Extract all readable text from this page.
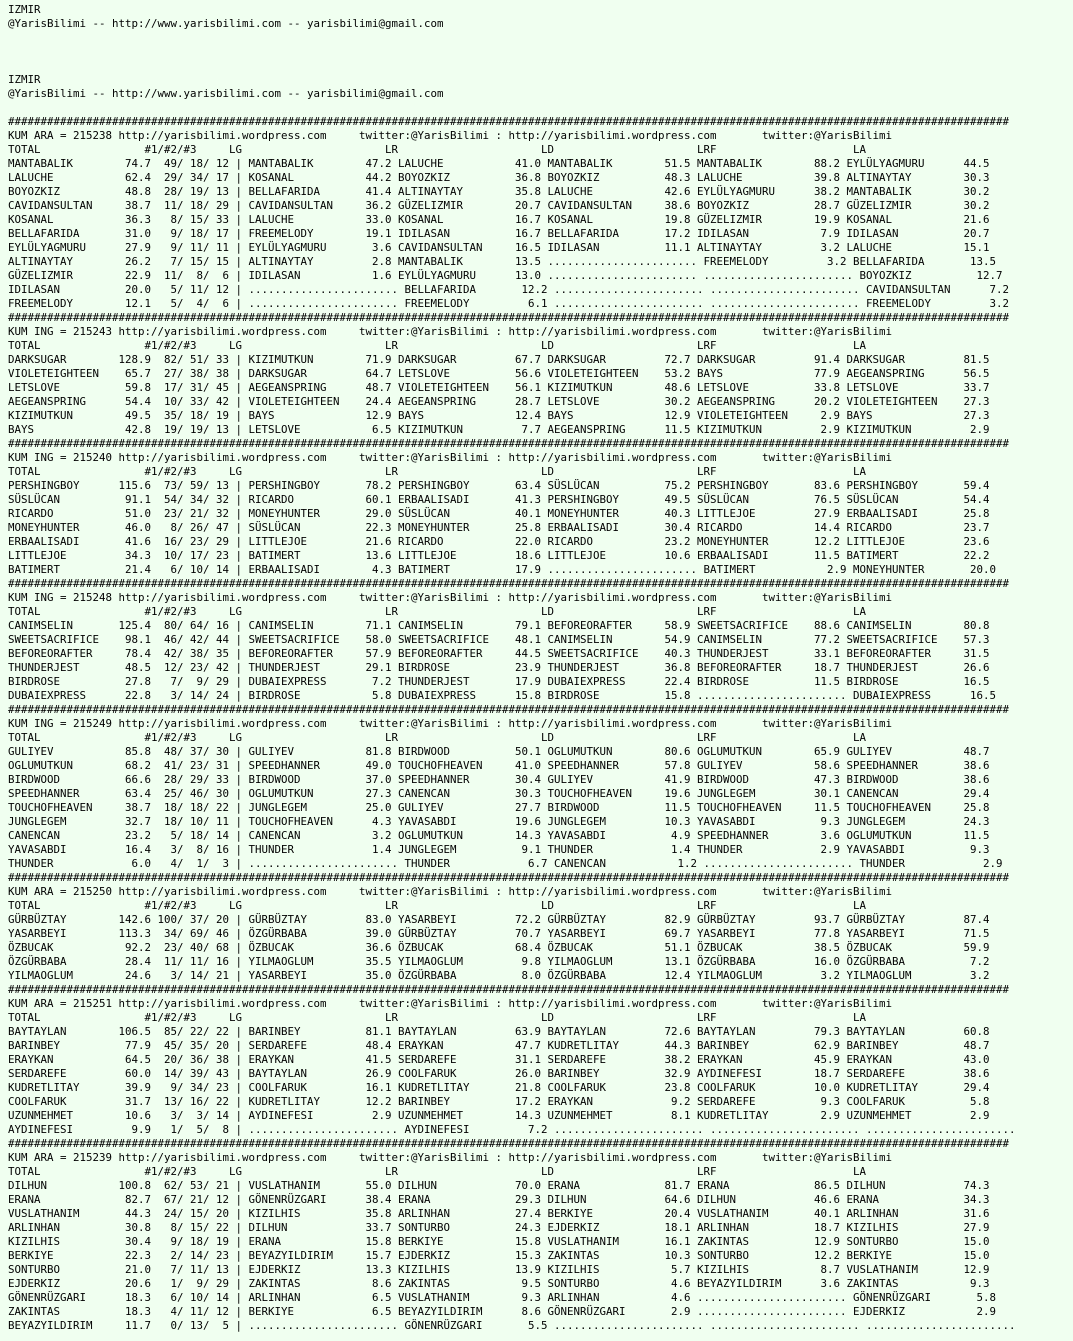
IZMIR
@YarisBilimi -- http://www.yarisbilimi.com -- yarisbilimi@gmail.com

IZMIR
@YarisBilimi -- http://www.yarisbilimi.com -- yarisbilimi@gmail.com

##########################################################################################################################################################
KUM ARA = 215238 http://yarisbilimi.wordpress.com     twitter:@YarisBilimi : http://yarisbilimi.wordpress.com       twitter:@YarisBilimi
TOTAL                #1/#2/#3     LG                      LR                      LD                      LRF                     LA
MANTABALIK        74.7  49/ 18/ 12 | MANTABALIK        47.2 LALUCHE           41.0 MANTABALIK        51.5 MANTABALIK        88.2 EYLÜLYAGMURU      44.5
LALUCHE           62.4  29/ 34/ 17 | KOSANAL           44.2 BOYOZKIZ          36.8 BOYOZKIZ          48.3 LALUCHE           39.8 ALTINAYTAY        30.3
BOYOZKIZ          48.8  28/ 19/ 13 | BELLAFARIDA       41.4 ALTINAYTAY        35.8 LALUCHE           42.6 EYLÜLYAGMURU      38.2 MANTABALIK        30.2
CAVIDANSULTAN     38.7  11/ 18/ 29 | CAVIDANSULTAN     36.2 GÜZELIZMIR        20.7 CAVIDANSULTAN     38.6 BOYOZKIZ          28.7 GÜZELIZMIR        30.2
KOSANAL           36.3   8/ 15/ 33 | LALUCHE           33.0 KOSANAL           16.7 KOSANAL           19.8 GÜZELIZMIR        19.9 KOSANAL           21.6
BELLAFARIDA       31.0   9/ 18/ 17 | FREEMELODY        19.1 IDILASAN          16.7 BELLAFARIDA       17.2 IDILASAN           7.9 IDILASAN          20.7
EYLÜLYAGMURU      27.9   9/ 11/ 11 | EYLÜLYAGMURU       3.6 CAVIDANSULTAN     16.5 IDILASAN          11.1 ALTINAYTAY         3.2 LALUCHE           15.1
ALTINAYTAY        26.2   7/ 15/ 15 | ALTINAYTAY         2.8 MANTABALIK        13.5 ....................... FREEMELODY         3.2 BELLAFARIDA       13.5
GÜZELIZMIR        22.9  11/  8/  6 | IDILASAN           1.6 EYLÜLYAGMURU      13.0 ....................... ....................... BOYOZKIZ          12.7
IDILASAN          20.0   5/ 11/ 12 | ....................... BELLAFARIDA       12.2 ....................... ....................... CAVIDANSULTAN      7.2
FREEMELODY        12.1   5/  4/  6 | ....................... FREEMELODY         6.1 ....................... ....................... FREEMELODY         3.2
##########################################################################################################################################################
KUM ING = 215243 http://yarisbilimi.wordpress.com     twitter:@YarisBilimi : http://yarisbilimi.wordpress.com       twitter:@YarisBilimi
TOTAL                #1/#2/#3     LG                      LR                      LD                      LRF                     LA
DARKSUGAR        128.9  82/ 51/ 33 | KIZIMUTKUN        71.9 DARKSUGAR         67.7 DARKSUGAR         72.7 DARKSUGAR         91.4 DARKSUGAR         81.5
VIOLETEIGHTEEN    65.7  27/ 38/ 38 | DARKSUGAR         64.7 LETSLOVE          56.6 VIOLETEIGHTEEN    53.2 BAYS              77.9 AEGEANSPRING      56.5
LETSLOVE          59.8  17/ 31/ 45 | AEGEANSPRING      48.7 VIOLETEIGHTEEN    56.1 KIZIMUTKUN        48.6 LETSLOVE          33.8 LETSLOVE          33.7
AEGEANSPRING      54.4  10/ 33/ 42 | VIOLETEIGHTEEN    24.4 AEGEANSPRING      28.7 LETSLOVE          30.2 AEGEANSPRING      20.2 VIOLETEIGHTEEN    27.3
KIZIMUTKUN        49.5  35/ 18/ 19 | BAYS              12.9 BAYS              12.4 BAYS              12.9 VIOLETEIGHTEEN     2.9 BAYS              27.3
BAYS              42.8  19/ 19/ 13 | LETSLOVE           6.5 KIZIMUTKUN         7.7 AEGEANSPRING      11.5 KIZIMUTKUN         2.9 KIZIMUTKUN         2.9
##########################################################################################################################################################
KUM ING = 215240 http://yarisbilimi.wordpress.com     twitter:@YarisBilimi : http://yarisbilimi.wordpress.com       twitter:@YarisBilimi
TOTAL                #1/#2/#3     LG                      LR                      LD                      LRF                     LA
PERSHINGBOY      115.6  73/ 59/ 13 | PERSHINGBOY       78.2 PERSHINGBOY       63.4 SÜSLÜCAN          75.2 PERSHINGBOY       83.6 PERSHINGBOY       59.4
SÜSLÜCAN          91.1  54/ 34/ 32 | RICARDO           60.1 ERBAALISADI       41.3 PERSHINGBOY       49.5 SÜSLÜCAN          76.5 SÜSLÜCAN          54.4
RICARDO           51.0  23/ 21/ 32 | MONEYHUNTER       29.0 SÜSLÜCAN          40.1 MONEYHUNTER       40.3 LITTLEJOE         27.9 ERBAALISADI       25.8
MONEYHUNTER       46.0   8/ 26/ 47 | SÜSLÜCAN          22.3 MONEYHUNTER       25.8 ERBAALISADI       30.4 RICARDO           14.4 RICARDO           23.7
ERBAALISADI       41.6  16/ 23/ 29 | LITTLEJOE         21.6 RICARDO           22.0 RICARDO           23.2 MONEYHUNTER       12.2 LITTLEJOE         23.6
LITTLEJOE         34.3  10/ 17/ 23 | BATIMERT          13.6 LITTLEJOE         18.6 LITTLEJOE         10.6 ERBAALISADI       11.5 BATIMERT          22.2
BATIMERT          21.4   6/ 10/ 14 | ERBAALISADI        4.3 BATIMERT          17.9 ....................... BATIMERT           2.9 MONEYHUNTER       20.0
##########################################################################################################################################################
KUM ING = 215248 http://yarisbilimi.wordpress.com     twitter:@YarisBilimi : http://yarisbilimi.wordpress.com       twitter:@YarisBilimi
TOTAL                #1/#2/#3     LG                      LR                      LD                      LRF                     LA
CANIMSELIN       125.4  80/ 64/ 16 | CANIMSELIN        71.1 CANIMSELIN        79.1 BEFOREORAFTER     58.9 SWEETSACRIFICE    88.6 CANIMSELIN        80.8
SWEETSACRIFICE    98.1  46/ 42/ 44 | SWEETSACRIFICE    58.0 SWEETSACRIFICE    48.1 CANIMSELIN        54.9 CANIMSELIN        77.2 SWEETSACRIFICE    57.3
BEFOREORAFTER     78.4  42/ 38/ 35 | BEFOREORAFTER     57.9 BEFOREORAFTER     44.5 SWEETSACRIFICE    40.3 THUNDERJEST       33.1 BEFOREORAFTER     31.5
THUNDERJEST       48.5  12/ 23/ 42 | THUNDERJEST       29.1 BIRDROSE          23.9 THUNDERJEST       36.8 BEFOREORAFTER     18.7 THUNDERJEST       26.6
BIRDROSE          27.8   7/  9/ 29 | DUBAIEXPRESS       7.2 THUNDERJEST       17.9 DUBAIEXPRESS      22.4 BIRDROSE          11.5 BIRDROSE          16.5
DUBAIEXPRESS      22.8   3/ 14/ 24 | BIRDROSE           5.8 DUBAIEXPRESS      15.8 BIRDROSE          15.8 ....................... DUBAIEXPRESS      16.5
##########################################################################################################################################################
KUM ING = 215249 http://yarisbilimi.wordpress.com     twitter:@YarisBilimi : http://yarisbilimi.wordpress.com       twitter:@YarisBilimi
TOTAL                #1/#2/#3     LG                      LR                      LD                      LRF                     LA
GULIYEV           85.8  48/ 37/ 30 | GULIYEV           81.8 BIRDWOOD          50.1 OGLUMUTKUN        80.6 OGLUMUTKUN        65.9 GULIYEV           48.7
OGLUMUTKUN        68.2  41/ 23/ 31 | SPEEDHANNER       49.0 TOUCHOFHEAVEN     41.0 SPEEDHANNER       57.8 GULIYEV           58.6 SPEEDHANNER       38.6
BIRDWOOD          66.6  28/ 29/ 33 | BIRDWOOD          37.0 SPEEDHANNER       30.4 GULIYEV           41.9 BIRDWOOD          47.3 BIRDWOOD          38.6
SPEEDHANNER       63.4  25/ 46/ 30 | OGLUMUTKUN        27.3 CANENCAN          30.3 TOUCHOFHEAVEN     19.6 JUNGLEGEM         30.1 CANENCAN          29.4
TOUCHOFHEAVEN     38.7  18/ 18/ 22 | JUNGLEGEM         25.0 GULIYEV           27.7 BIRDWOOD          11.5 TOUCHOFHEAVEN     11.5 TOUCHOFHEAVEN     25.8
JUNGLEGEM         32.7  18/ 10/ 11 | TOUCHOFHEAVEN      4.3 YAVASABDI         19.6 JUNGLEGEM         10.3 YAVASABDI          9.3 JUNGLEGEM         24.3
CANENCAN          23.2   5/ 18/ 14 | CANENCAN           3.2 OGLUMUTKUN        14.3 YAVASABDI          4.9 SPEEDHANNER        3.6 OGLUMUTKUN        11.5
YAVASABDI         16.4   3/  8/ 16 | THUNDER            1.4 JUNGLEGEM          9.1 THUNDER            1.4 THUNDER            2.9 YAVASABDI          9.3
THUNDER            6.0   4/  1/  3 | ....................... THUNDER            6.7 CANENCAN           1.2 ....................... THUNDER            2.9
##########################################################################################################################################################
KUM ARA = 215250 http://yarisbilimi.wordpress.com     twitter:@YarisBilimi : http://yarisbilimi.wordpress.com       twitter:@YarisBilimi
TOTAL                #1/#2/#3     LG                      LR                      LD                      LRF                     LA
GÜRBÜZTAY        142.6 100/ 37/ 20 | GÜRBÜZTAY         83.0 YASARBEYI         72.2 GÜRBÜZTAY         82.9 GÜRBÜZTAY         93.7 GÜRBÜZTAY         87.4
YASARBEYI        113.3  34/ 69/ 46 | ÖZGÜRBABA         39.0 GÜRBÜZTAY         70.7 YASARBEYI         69.7 YASARBEYI         77.8 YASARBEYI         71.5
ÖZBUCAK           92.2  23/ 40/ 68 | ÖZBUCAK           36.6 ÖZBUCAK           68.4 ÖZBUCAK           51.1 ÖZBUCAK           38.5 ÖZBUCAK           59.9
ÖZGÜRBABA         28.4  11/ 11/ 16 | YILMAOGLUM        35.5 YILMAOGLUM         9.8 YILMAOGLUM        13.1 ÖZGÜRBABA         16.0 ÖZGÜRBABA          7.2
YILMAOGLUM        24.6   3/ 14/ 21 | YASARBEYI         35.0 ÖZGÜRBABA          8.0 ÖZGÜRBABA         12.4 YILMAOGLUM         3.2 YILMAOGLUM         3.2
##########################################################################################################################################################
KUM ARA = 215251 http://yarisbilimi.wordpress.com     twitter:@YarisBilimi : http://yarisbilimi.wordpress.com       twitter:@YarisBilimi
TOTAL                #1/#2/#3     LG                      LR                      LD                      LRF                     LA
BAYTAYLAN        106.5  85/ 22/ 22 | BARINBEY          81.1 BAYTAYLAN         63.9 BAYTAYLAN         72.6 BAYTAYLAN         79.3 BAYTAYLAN         60.8
BARINBEY          77.9  45/ 35/ 20 | SERDAREFE         48.4 ERAYKAN           47.7 KUDRETLITAY       44.3 BARINBEY          62.9 BARINBEY          48.7
ERAYKAN           64.5  20/ 36/ 38 | ERAYKAN           41.5 SERDAREFE         31.1 SERDAREFE         38.2 ERAYKAN           45.9 ERAYKAN           43.0
SERDAREFE         60.0  14/ 39/ 43 | BAYTAYLAN         26.9 COOLFARUK         26.0 BARINBEY          32.9 AYDINEFESI        18.7 SERDAREFE         38.6
KUDRETLITAY       39.9   9/ 34/ 23 | COOLFARUK         16.1 KUDRETLITAY       21.8 COOLFARUK         23.8 COOLFARUK         10.0 KUDRETLITAY       29.4
COOLFARUK         31.7  13/ 16/ 22 | KUDRETLITAY       12.2 BARINBEY          17.2 ERAYKAN            9.2 SERDAREFE          9.3 COOLFARUK          5.8
UZUNMEHMET        10.6   3/  3/ 14 | AYDINEFESI         2.9 UZUNMEHMET        14.3 UZUNMEHMET         8.1 KUDRETLITAY        2.9 UZUNMEHMET         2.9
AYDINEFESI         9.9   1/  5/  8 | ....................... AYDINEFESI         7.2 ....................... ....................... .......................
##########################################################################################################################################################
KUM ARA = 215239 http://yarisbilimi.wordpress.com     twitter:@YarisBilimi : http://yarisbilimi.wordpress.com       twitter:@YarisBilimi
TOTAL                #1/#2/#3     LG                      LR                      LD                      LRF                     LA
DILHUN           100.8  62/ 53/ 21 | VUSLATHANIM       55.0 DILHUN            70.0 ERANA             81.7 ERANA             86.5 DILHUN            74.3
ERANA             82.7  67/ 21/ 12 | GÖNENRÜZGARI      38.4 ERANA             29.3 DILHUN            64.6 DILHUN            46.6 ERANA             34.3
VUSLATHANIM       44.3  24/ 15/ 20 | KIZILHIS          35.8 ARLINHAN          27.4 BERKIYE           20.4 VUSLATHANIM       40.1 ARLINHAN          31.6
ARLINHAN          30.8   8/ 15/ 22 | DILHUN            33.7 SONTURBO          24.3 EJDERKIZ          18.1 ARLINHAN          18.7 KIZILHIS          27.9
KIZILHIS          30.4   9/ 18/ 19 | ERANA             15.8 BERKIYE           15.8 VUSLATHANIM       16.1 ZAKINTAS          12.9 SONTURBO          15.0
BERKIYE           22.3   2/ 14/ 23 | BEYAZYILDIRIM     15.7 EJDERKIZ          15.3 ZAKINTAS          10.3 SONTURBO          12.2 BERKIYE           15.0
SONTURBO          21.0   7/ 11/ 13 | EJDERKIZ          13.3 KIZILHIS          13.9 KIZILHIS           5.7 KIZILHIS           8.7 VUSLATHANIM       12.9
EJDERKIZ          20.6   1/  9/ 29 | ZAKINTAS           8.6 ZAKINTAS           9.5 SONTURBO           4.6 BEYAZYILDIRIM      3.6 ZAKINTAS           9.3
GÖNENRÜZGARI      18.3   6/ 10/ 14 | ARLINHAN           6.5 VUSLATHANIM        9.3 ARLINHAN           4.6 ....................... GÖNENRÜZGARI       5.8
ZAKINTAS          18.3   4/ 11/ 12 | BERKIYE            6.5 BEYAZYILDIRIM      8.6 GÖNENRÜZGARI       2.9 ....................... EJDERKIZ           2.9
BEYAZYILDIRIM     11.7   0/ 13/  5 | ....................... GÖNENRÜZGARI       5.5 ....................... ....................... .......................
